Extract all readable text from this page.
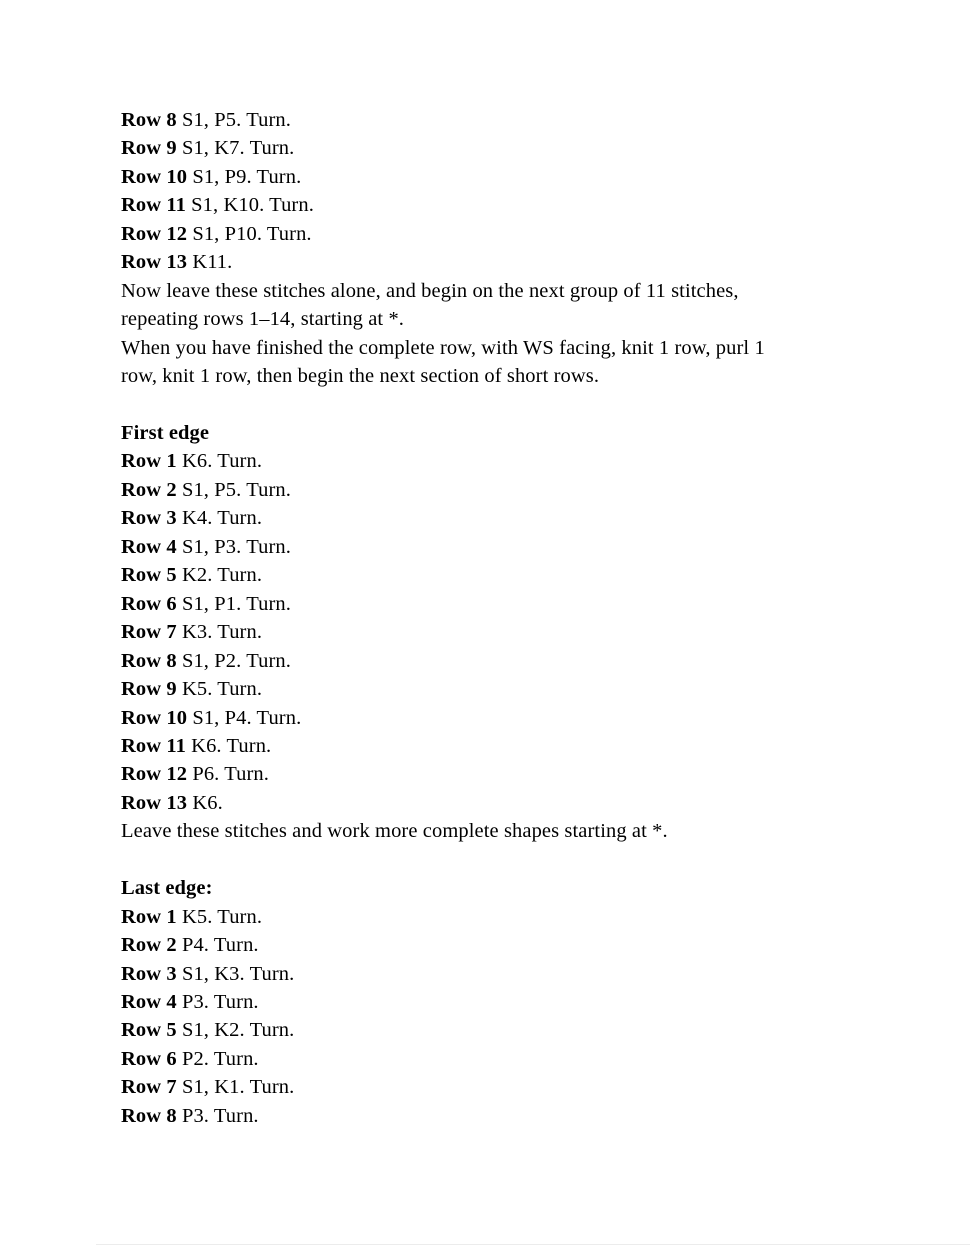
Row 8 S1, P5. Turn.
Row 9 S1, K7. Turn.
Row 10 S1, P9. Turn.
Row 11 S1, K10. Turn.
Row 12 S1, P10. Turn.
Row 13 K11.
Now leave these stitches alone, and begin on the next group of 11 stitches,
repeating rows 1–14, starting at *.
When you have finished the complete row, with WS facing, knit 1 row, purl 1
row, knit 1 row, then begin the next section of short rows.
First edge
Row 1 K6. Turn.
Row 2 S1, P5. Turn.
Row 3 K4. Turn.
Row 4 S1, P3. Turn.
Row 5 K2. Turn.
Row 6 S1, P1. Turn.
Row 7 K3. Turn.
Row 8 S1, P2. Turn.
Row 9 K5. Turn.
Row 10 S1, P4. Turn.
Row 11 K6. Turn.
Row 12 P6. Turn.
Row 13 K6.
Leave these stitches and work more complete shapes starting at *.
Last edge:
Row 1 K5. Turn.
Row 2 P4. Turn.
Row 3 S1, K3. Turn.
Row 4 P3. Turn.
Row 5 S1, K2. Turn.
Row 6 P2. Turn.
Row 7 S1, K1. Turn.
Row 8 P3. Turn.
